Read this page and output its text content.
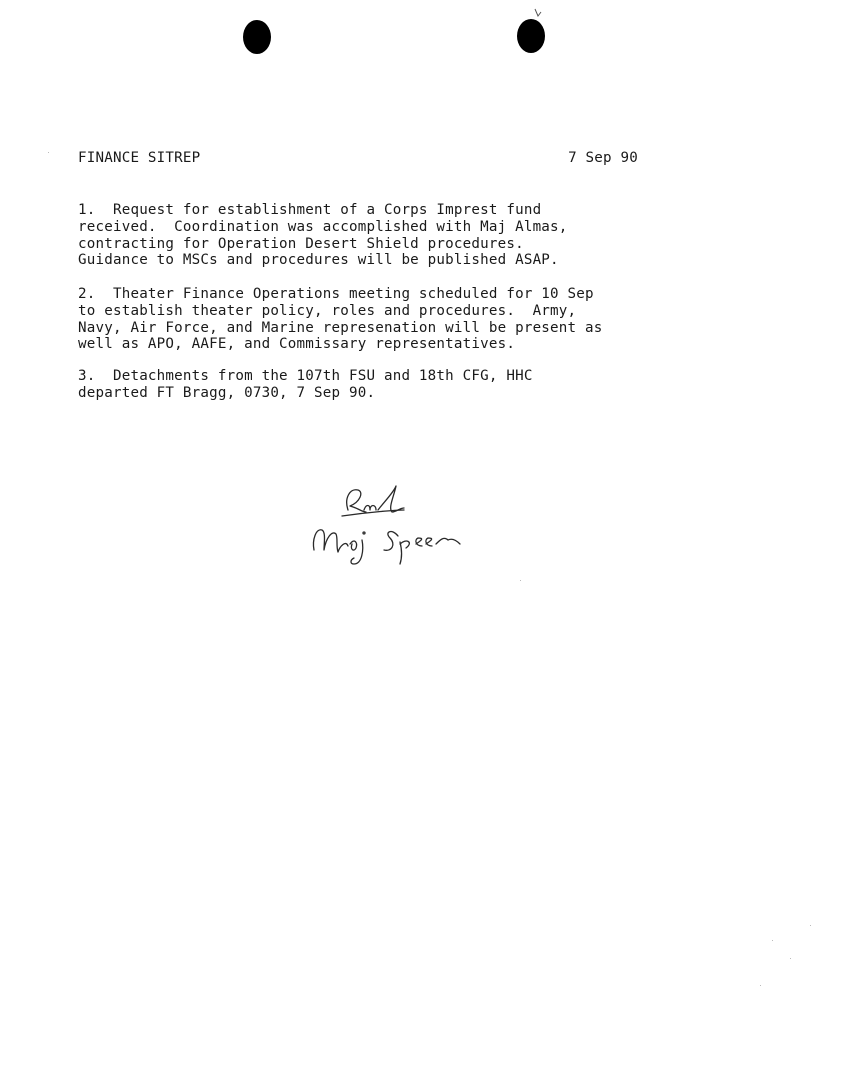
FINANCE SITREP	7 Sep 90
1.  Request for establishment of a Corps Imprest fund
received.  Coordination was accomplished with Maj Almas,
contracting for Operation Desert Shield procedures.
Guidance to MSCs and procedures will be published ASAP.
2.  Theater Finance Operations meeting scheduled for 10 Sep
to establish theater policy, roles and procedures.  Army,
Navy, Air Force, and Marine represenation will be present as
well as APO, AAFE, and Commissary representatives.
3.  Detachments from the 107th FSU and 18th CFG, HHC
departed FT Bragg, 0730, 7 Sep 90.
